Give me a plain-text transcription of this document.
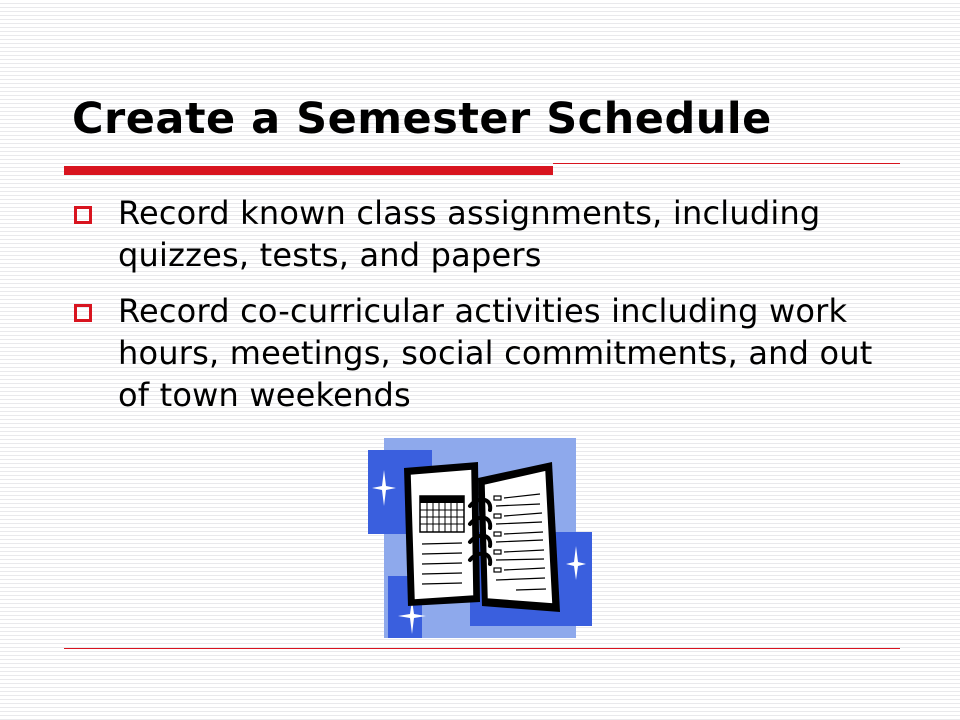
Create a Semester Schedule
Record known class assignments, including quizzes, tests, and papers
Record co-curricular activities including work hours, meetings, social commitments, and out of town weekends
